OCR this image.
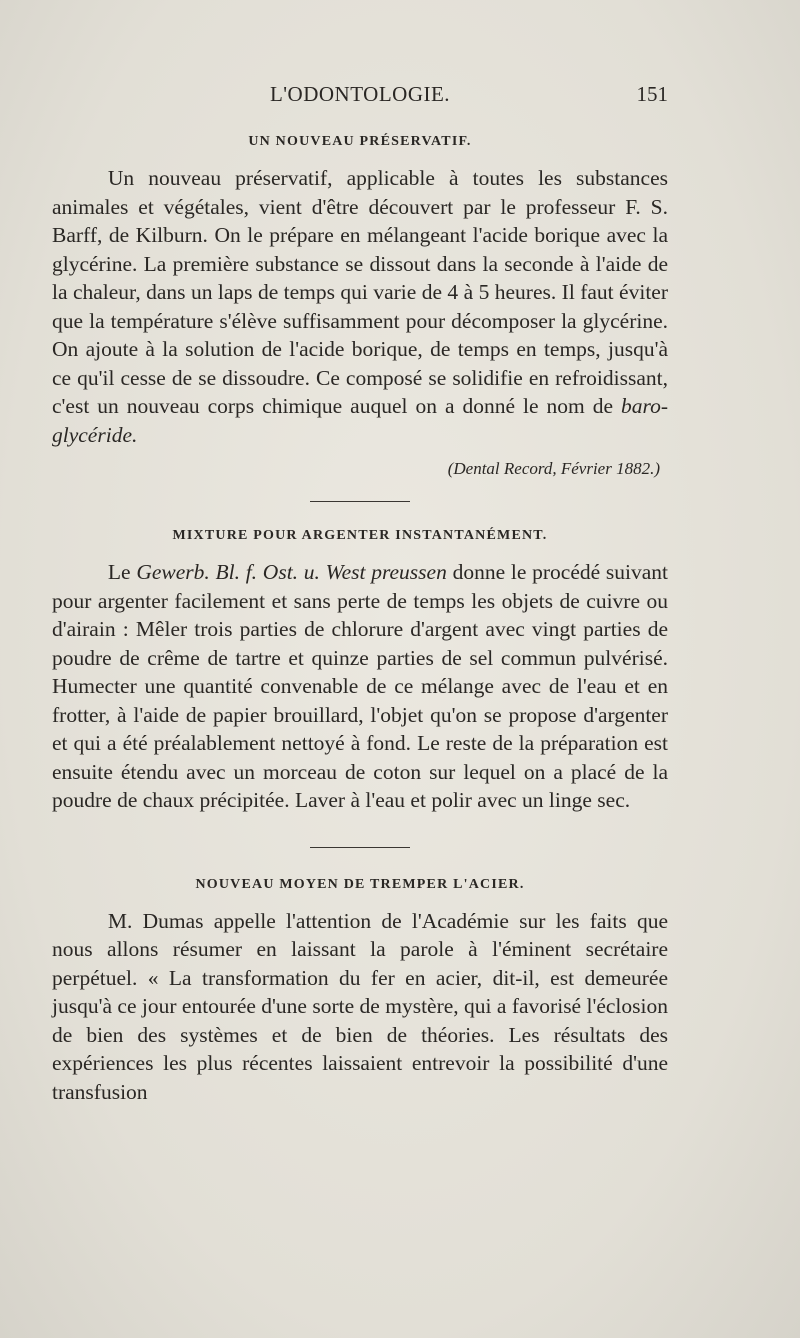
L'ODONTOLOGIE.	151
UN NOUVEAU PRÉSERVATIF.

Un nouveau préservatif, applicable à toutes les substances animales et végétales, vient d'être découvert par le professeur F. S. Barff, de Kilburn. On le prépare en mélangeant l'acide borique avec la glycérine. La première substance se dissout dans la seconde à l'aide de la chaleur, dans un laps de temps qui varie de 4 à 5 heures. Il faut éviter que la température s'élève suffisamment pour décomposer la glycérine. On ajoute à la solution de l'acide borique, de temps en temps, jusqu'à ce qu'il cesse de se dissoudre. Ce composé se solidifie en refroidissant, c'est un nouveau corps chimique auquel on a donné le nom de baro-glycéride.

(Dental Record, Février 1882.)

MIXTURE POUR ARGENTER INSTANTANÉMENT.

Le Gewerb. Bl. f. Ost. u. West preussen donne le procédé suivant pour argenter facilement et sans perte de temps les objets de cuivre ou d'airain : Mêler trois parties de chlorure d'argent avec vingt parties de poudre de crême de tartre et quinze parties de sel commun pulvérisé. Humecter une quantité convenable de ce mélange avec de l'eau et en frotter, à l'aide de papier brouillard, l'objet qu'on se propose d'argenter et qui a été préalablement nettoyé à fond. Le reste de la préparation est ensuite étendu avec un morceau de coton sur lequel on a placé de la poudre de chaux précipitée. Laver à l'eau et polir avec un linge sec.

NOUVEAU MOYEN DE TREMPER L'ACIER.

M. Dumas appelle l'attention de l'Académie sur les faits que nous allons résumer en laissant la parole à l'éminent secrétaire perpétuel. « La transformation du fer en acier, dit-il, est demeurée jusqu'à ce jour entourée d'une sorte de mystère, qui a favorisé l'éclosion de bien des systèmes et de bien de théories. Les résultats des expériences les plus récentes laissaient entrevoir la possibilité d'une transfusion
